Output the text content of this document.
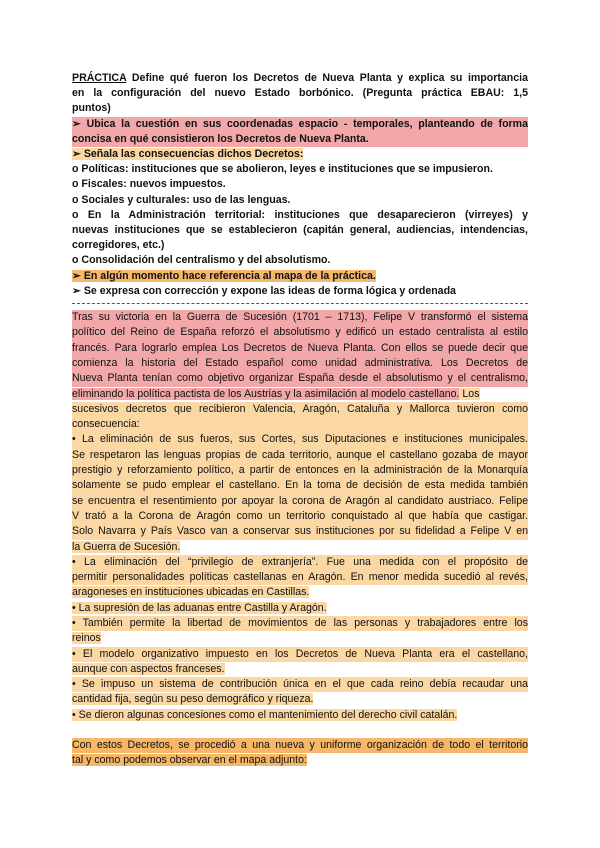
PRÁCTICA Define qué fueron los Decretos de Nueva Planta y explica su importancia
en la configuración del nuevo Estado borbónico. (Pregunta práctica EBAU: 1,5
puntos)
➢ Ubica la cuestión en sus coordenadas espacio - temporales, planteando de forma
concisa en qué consistieron los Decretos de Nueva Planta.
➢ Señala las consecuencias dichos Decretos:
o Políticas: instituciones que se abolieron, leyes e instituciones que se impusieron.
o Fiscales: nuevos impuestos.
o Sociales y culturales: uso de las lenguas.
o En la Administración territorial: instituciones que desaparecieron (virreyes) y
nuevas instituciones que se establecieron (capitán general, audiencias, intendencias,
corregidores, etc.)
o Consolidación del centralismo y del absolutismo.
➢ En algún momento hace referencia al mapa de la práctica.
➢ Se expresa con corrección y expone las ideas de forma lógica y ordenada
Tras su victoria en la Guerra de Sucesión (1701 – 1713), Felipe V transformó el sistema
político del Reino de España reforzó el absolutismo y edificó un estado centralista al estilo
francés. Para lograrlo emplea Los Decretos de Nueva Planta. Con ellos se puede decir que
comienza la historia del Estado español como unidad administrativa. Los Decretos de
Nueva Planta tenían como objetivo organizar España desde el absolutismo y el centralismo,
eliminando la política pactista de los Austrias y la asimilación al modelo castellano. Los
sucesivos decretos que recibieron Valencia, Aragón, Cataluña y Mallorca tuvieron como
consecuencia:
• La eliminación de sus fueros, sus Cortes, sus Diputaciones e instituciones municipales.
Se respetaron las lenguas propias de cada territorio, aunque el castellano gozaba de mayor
prestigio y reforzamiento político, a partir de entonces en la administración de la Monarquía
solamente se pudo emplear el castellano. En la toma de decisión de esta medida también
se encuentra el resentimiento por apoyar la corona de Aragón al candidato austriaco. Felipe
V trató a la Corona de Aragón como un territorio conquistado al que había que castigar.
Solo Navarra y País Vasco van a conservar sus instituciones por su fidelidad a Felipe V en
la Guerra de Sucesión.
• La eliminación del “privilegio de extranjería”. Fue una medida con el propósito de
permitir personalidades políticas castellanas en Aragón. En menor medida sucedió al revés,
aragoneses en instituciones ubicadas en Castillas.
• La supresión de las aduanas entre Castilla y Aragón.
• También permite la libertad de movimientos de las personas y trabajadores entre los
reinos
• El modelo organizativo impuesto en los Decretos de Nueva Planta era el castellano,
aunque con aspectos franceses.
• Se impuso un sistema de contribución única en el que cada reino debía recaudar una
cantidad fija, según su peso demográfico y riqueza.
• Se dieron algunas concesiones como el mantenimiento del derecho civil catalán.
Con estos Decretos, se procedió a una nueva y uniforme organización de todo el territorio
tal y como podemos observar en el mapa adjunto:
